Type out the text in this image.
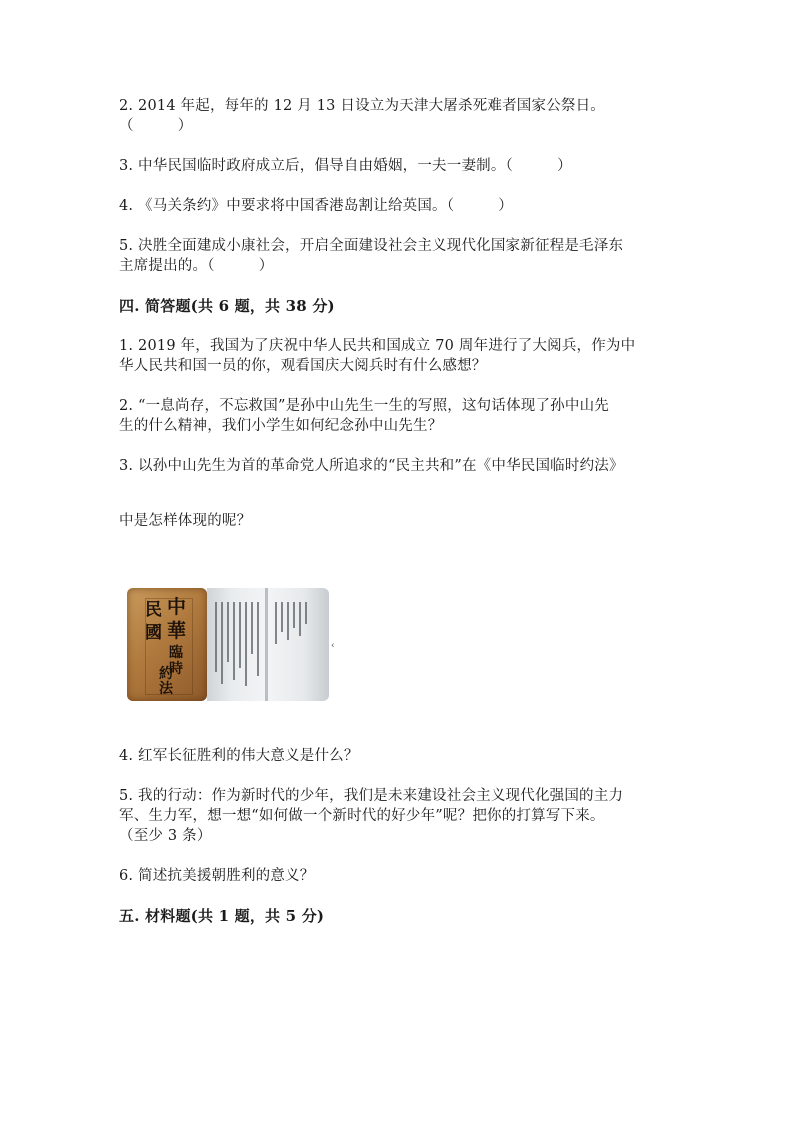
2. 2014 年起，每年的 12 月 13 日设立为天津大屠杀死难者国家公祭日。
（　　　）
3. 中华民国临时政府成立后，倡导自由婚姻，一夫一妻制。（　　　）
4. 《马关条约》中要求将中国香港岛割让给英国。（　　　）
5. 决胜全面建成小康社会，开启全面建设社会主义现代化国家新征程是毛泽东
主席提出的。（　　　）
四. 简答题(共 6 题，共 38 分)
1. 2019 年，我国为了庆祝中华人民共和国成立 70 周年进行了大阅兵，作为中
华人民共和国一员的你，观看国庆大阅兵时有什么感想？
2. “一息尚存，不忘救国”是孙中山先生一生的写照，这句话体现了孙中山先
生的什么精神，我们小学生如何纪念孙中山先生？
3. 以孙中山先生为首的革命党人所追求的“民主共和”在《中华民国临时约法》
中是怎样体现的呢？
中
華
民
國
臨
時
約
法
‹
4. 红军长征胜利的伟大意义是什么？
5. 我的行动：作为新时代的少年，我们是未来建设社会主义现代化强国的主力
军、生力军，想一想“如何做一个新时代的好少年”呢？把你的打算写下来。
（至少 3 条）
6. 简述抗美援朝胜利的意义？
五. 材料题(共 1 题，共 5 分)
